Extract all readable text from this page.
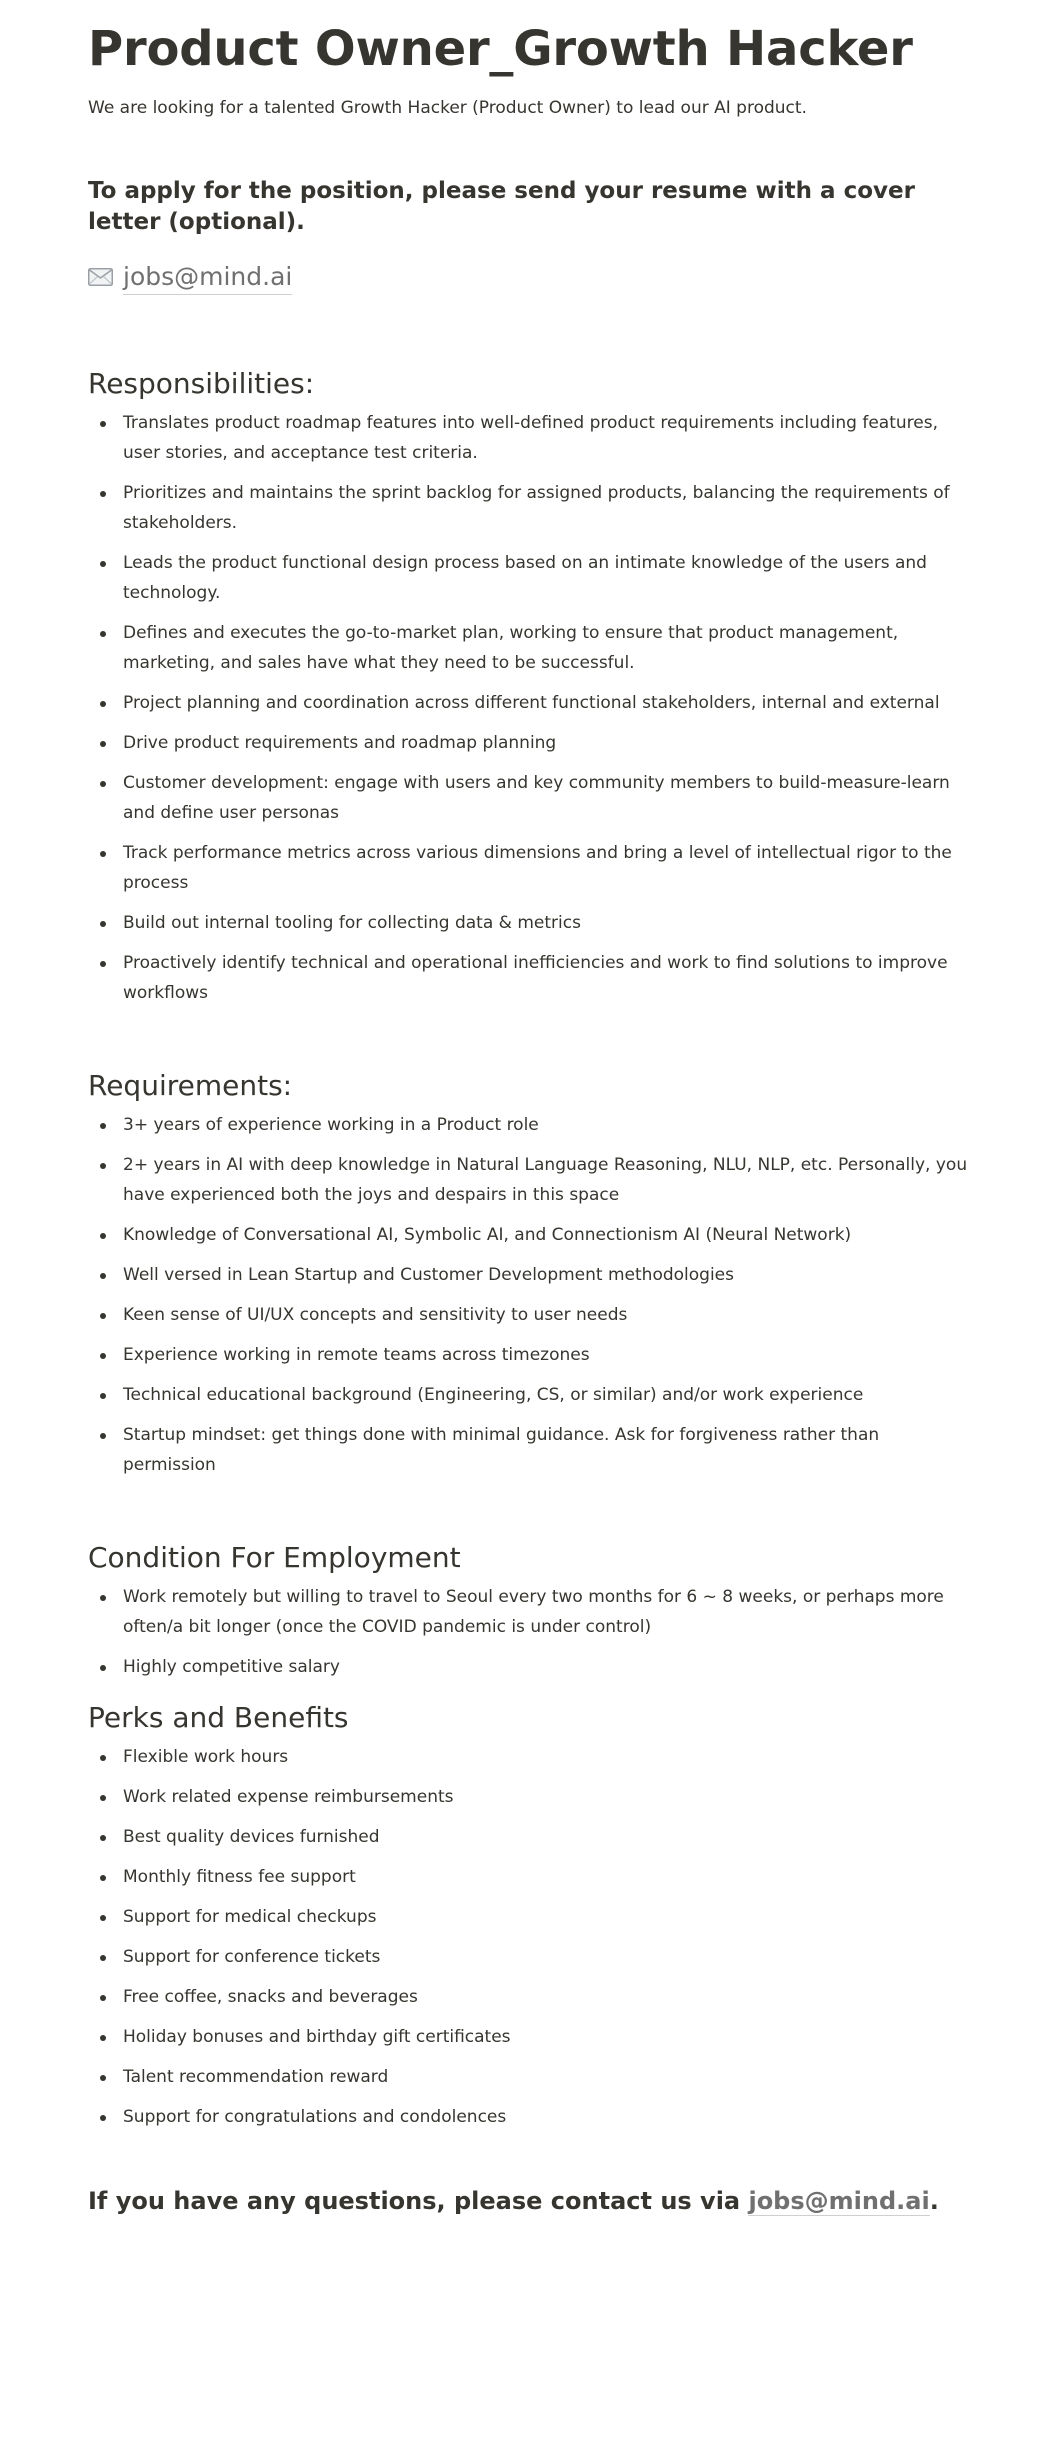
Product Owner_Growth Hacker

We are looking for a talented Growth Hacker (Product Owner) to lead our AI product.

To apply for the position, please send your resume with a cover letter (optional).

jobs@mind.ai
Responsibilities:
Translates product roadmap features into well-defined product requirements including features, user stories, and acceptance test criteria.
Prioritizes and maintains the sprint backlog for assigned products, balancing the requirements of stakeholders.
Leads the product functional design process based on an intimate knowledge of the users and technology.
Defines and executes the go-to-market plan, working to ensure that product management, marketing, and sales have what they need to be successful.
Project planning and coordination across different functional stakeholders, internal and external
Drive product requirements and roadmap planning
Customer development: engage with users and key community members to build-measure-learn and define user personas
Track performance metrics across various dimensions and bring a level of intellectual rigor to the process
Build out internal tooling for collecting data & metrics
Proactively identify technical and operational inefficiencies and work to find solutions to improve workflows
Requirements:
3+ years of experience working in a Product role
2+ years in AI with deep knowledge in Natural Language Reasoning, NLU, NLP, etc. Personally, you have experienced both the joys and despairs in this space
Knowledge of Conversational AI, Symbolic AI, and Connectionism AI (Neural Network)
Well versed in Lean Startup and Customer Development methodologies
Keen sense of UI/UX concepts and sensitivity to user needs
Experience working in remote teams across timezones
Technical educational background (Engineering, CS, or similar) and/or work experience
Startup mindset: get things done with minimal guidance. Ask for forgiveness rather than permission
Condition For Employment
Work remotely but willing to travel to Seoul every two months for 6 ~ 8 weeks, or perhaps more often/a bit longer (once the COVID pandemic is under control)
Highly competitive salary
Perks and Benefits
Flexible work hours
Work related expense reimbursements
Best quality devices furnished
Monthly fitness fee support
Support for medical checkups
Support for conference tickets
Free coffee, snacks and beverages
Holiday bonuses and birthday gift certificates
Talent recommendation reward
Support for congratulations and condolences

If you have any questions, please contact us via jobs@mind.ai.
